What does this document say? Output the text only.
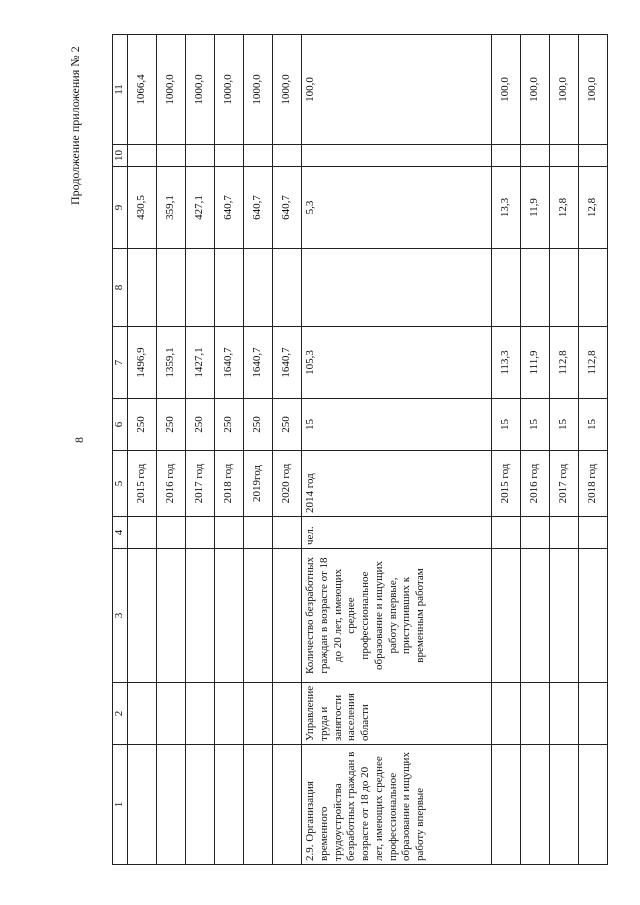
8
Продолжение приложения № 2
1	2	3	4	5	6	7	8	9	10	11
				2015 год	250	1496,9		430,5		1066,4
				2016 год	250	1359,1		359,1		1000,0
				2017 год	250	1427,1		427,1		1000,0
				2018 год	250	1640,7		640,7		1000,0
				2019год	250	1640,7		640,7		1000,0
				2020 год	250	1640,7		640,7		1000,0
2.9. Организация временного трудоустройства безработных граждан в возрасте от 18 до 20 лет, имеющих среднее профессиональное образование и ищущих работу впервые	Управление труда и занятости населения области	Количество безработных граждан в возрасте от 18 до 20 лет, имеющих среднее профессиональное образование и ищущих работу впервые, приступивших к временным работам	чел.	2014 год	15	105,3		5,3		100,0
				2015 год	15	113,3		13,3		100,0
				2016 год	15	111,9		11,9		100,0
				2017 год	15	112,8		12,8		100,0
				2018 год	15	112,8		12,8		100,0
